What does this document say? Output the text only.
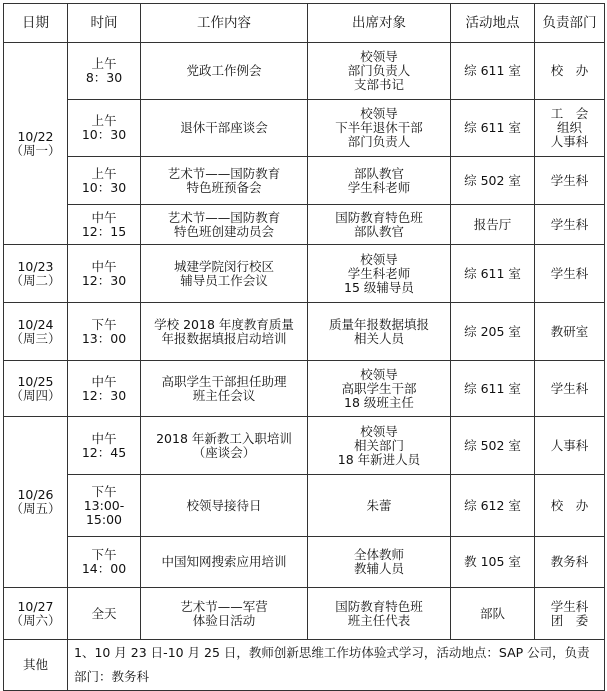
日期	时间	工作内容	出席对象	活动地点	负责部门

10/22
（周一）	上午
8：30	党政工作例会	校领导
部门负责人
支部书记	综 611 室	校　办

	上午
10：30	退休干部座谈会	校领导
下半年退休干部
部门负责人	综 611 室	工　会
组织
人事科

	上午
10：30	艺术节——国防教育
特色班预备会	部队教官
学生科老师	综 502 室	学生科

	中午
12：15	艺术节——国防教育
特色班创建动员会	国防教育特色班
部队教官	报告厅	学生科

10/23
（周二）	中午
12：30	城建学院闵行校区
辅导员工作会议	校领导
学生科老师
15 级辅导员	综 611 室	学生科

10/24
（周三）	下午
13：00	学校 2018 年度教育质量
年报数据填报启动培训	质量年报数据填报
相关人员	综 205 室	教研室

10/25
（周四）	中午
12：30	高职学生干部担任助理
班主任会议	校领导
高职学生干部
18 级班主任	综 611 室	学生科

10/26
（周五）	中午
12：45	2018 年新教工入职培训
（座谈会）	校领导
相关部门
18 年新进人员	综 502 室	人事科

	下午
13:00-
15:00	校领导接待日	朱蕾	综 612 室	校　办

	下午
14：00	中国知网搜索应用培训	全体教师
教辅人员	教 105 室	教务科

10/27
（周六）	全天	艺术节——军营
体验日活动	国防教育特色班
班主任代表	部队	学生科
团　委

其他	1、10 月 23 日-10 月 25 日，教师创新思维工作坊体验式学习，活动地点：SAP 公司，负责部门：教务科				
